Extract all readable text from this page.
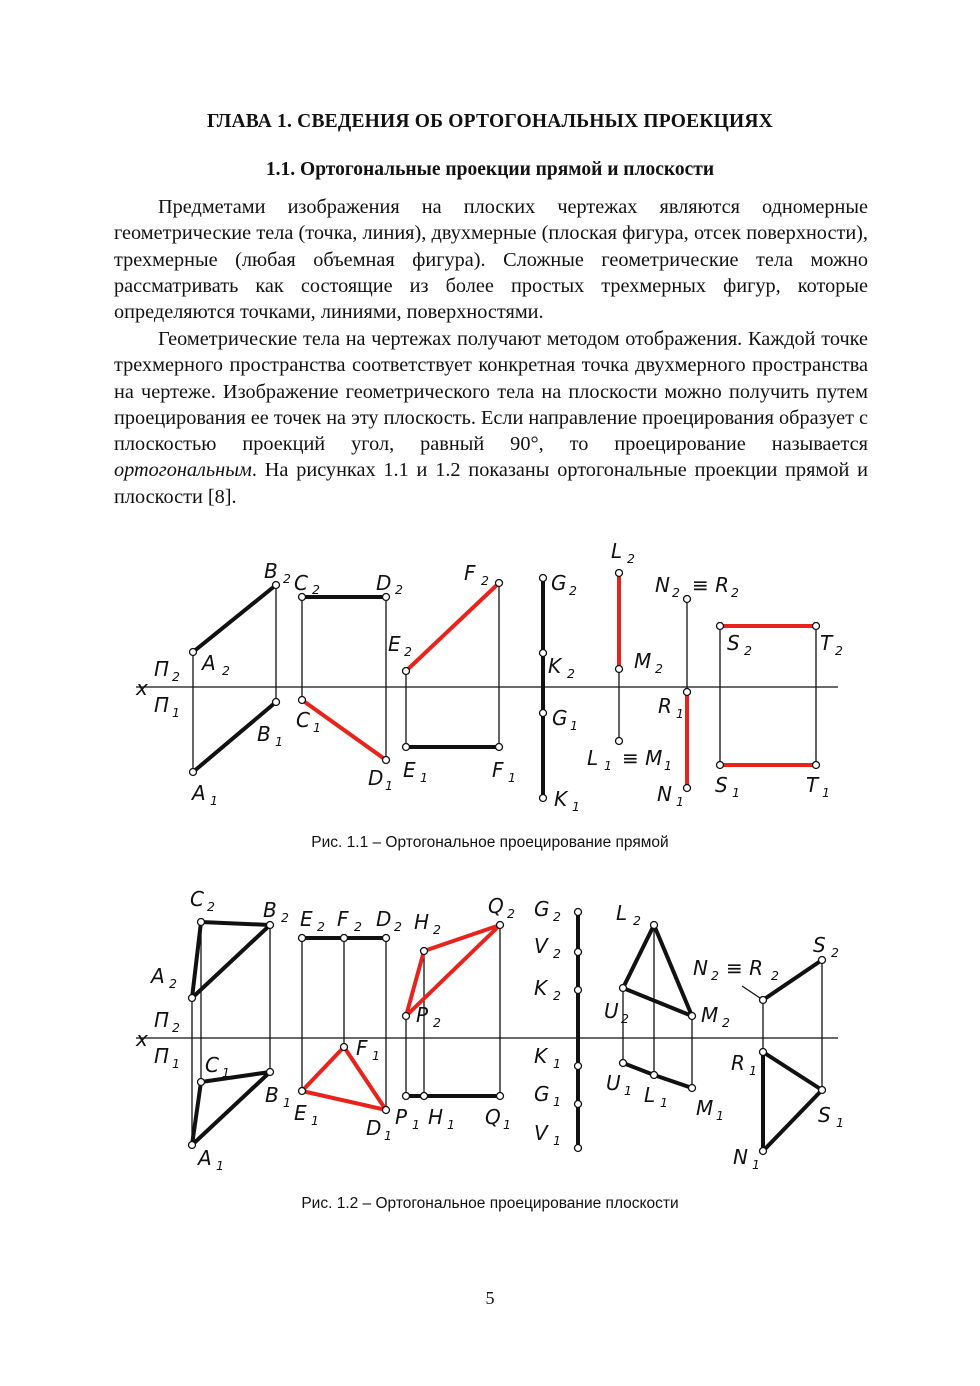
ГЛАВА 1. СВЕДЕНИЯ ОБ ОРТОГОНАЛЬНЫХ ПРОЕКЦИЯХ
1.1. Ортогональные проекции прямой и плоскости

Предметами изображения на плоских чертежах являются одномерные геометрические тела (точка, линия), двухмерные (плоская фигура, отсек поверхности), трехмерные (любая объемная фигура). Сложные геометрические тела можно рассматривать как состоящие из более простых трехмерных фигур, которые определяются точками, линиями, поверхностями.

Геометрические тела на чертежах получают методом отображения. Каждой точке трехмерного пространства соответствует конкретная точка двухмерного пространства на чертеже. Изображение геометрического тела на плоскости можно получить путем проецирования ее точек на эту плоскость. Если направление проецирования образует с плоскостью проекций угол, равный 90°, то проецирование называется ортогональным. На рисунках 1.1 и 1.2 показаны ортогональные проекции прямой и плоскости [8].

x
П 2
П 1
B 2 C 2	D 2
F 2
A 2
E 2
B 1
C 1
A 1
D 1
E 1	F 1
G 2
K 2
G 1
K 1
L 2
M 2
L 1 ≡ M 1
N 2 ≡ R 2
R 1
N 1
S 2	T 2
S 1	T 1
Рис. 1.1 – Ортогональное проецирование прямой
x
П 2
П 1
C 2 B 2
A 2
C 1
B 1
A 1
E 2 F 2 D 2
F 1
E 1 D 1
H 2
Q 2
P 2
P 1 H 1 Q 1
G 2
V 2
K 2
K 1
G 1
V 1
L 2
U 2	M 2
U 1 L 1 M 1
N 2 ≡ R 2
S 2
R 1
S 1
N 1
Рис. 1.2 – Ортогональное проецирование плоскости
5
